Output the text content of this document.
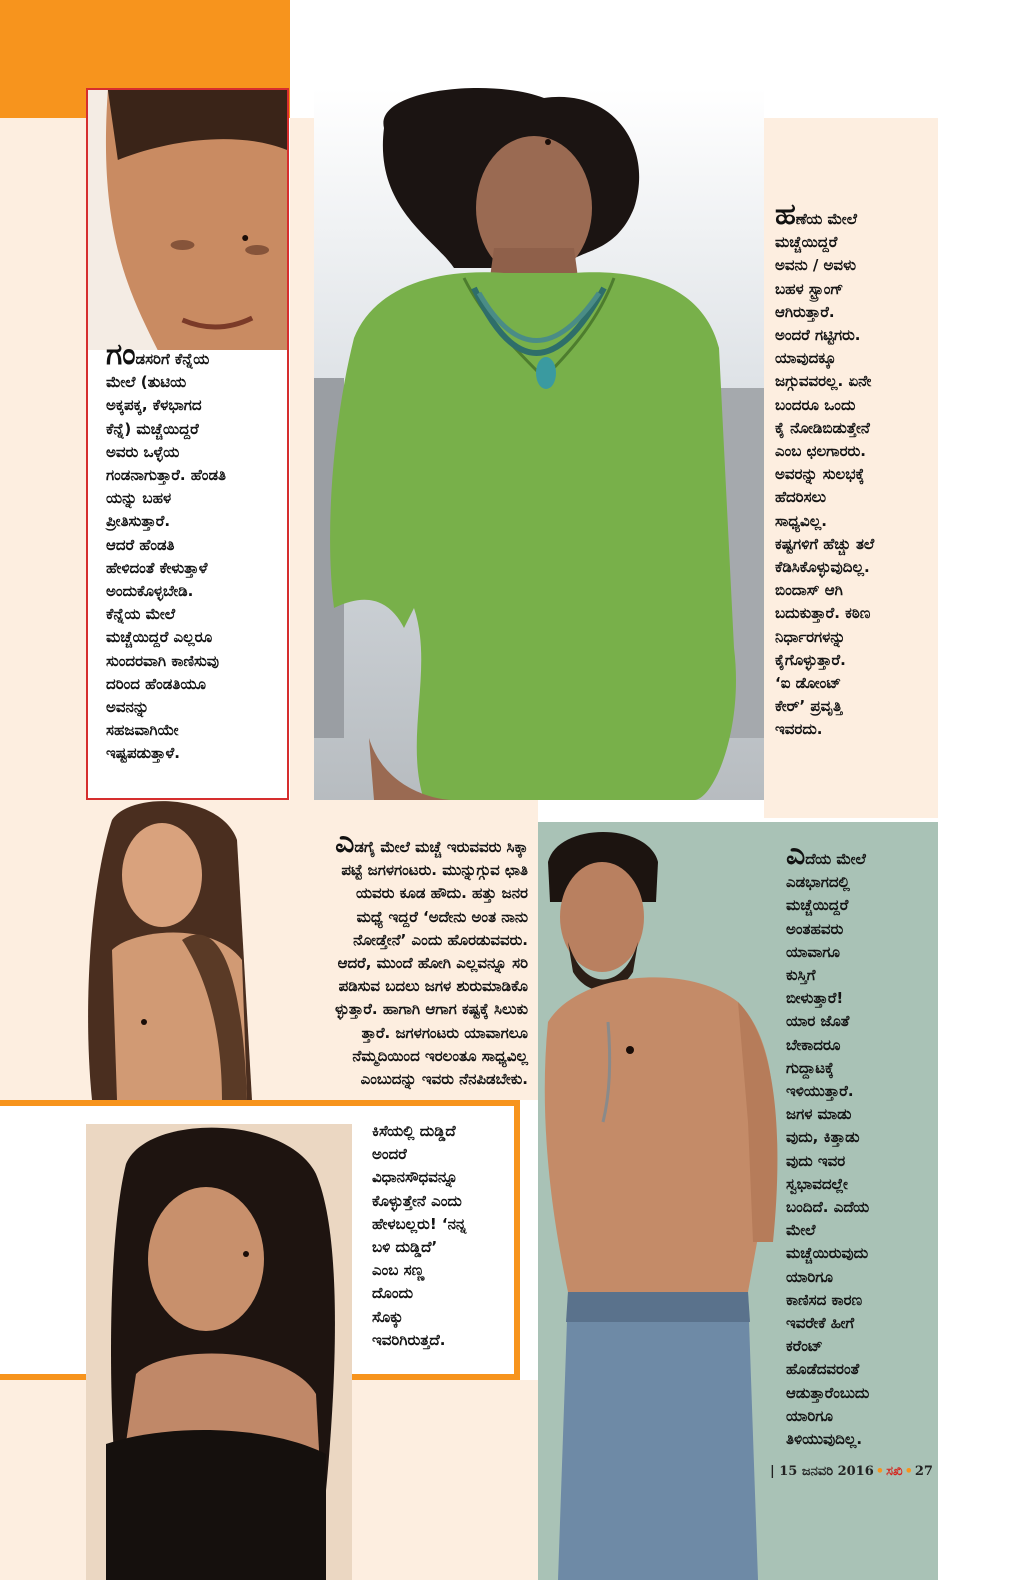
ಗಂಡಸರಿಗೆ ಕೆನ್ನೆಯ
ಮೇಲೆ (ತುಟಿಯ
ಅಕ್ಕಪಕ್ಕ, ಕೆಳಭಾಗದ
ಕೆನ್ನೆ) ಮಚ್ಚೆಯಿದ್ದರೆ
ಅವರು ಒಳ್ಳೆಯ
ಗಂಡನಾಗುತ್ತಾರೆ. ಹೆಂಡತಿ
ಯನ್ನು ಬಹಳ
ಪ್ರೀತಿಸುತ್ತಾರೆ.
ಆದರೆ ಹೆಂಡತಿ
ಹೇಳಿದಂತೆ ಕೇಳುತ್ತಾಳೆ
ಅಂದುಕೊಳ್ಳಬೇಡಿ.
ಕೆನ್ನೆಯ ಮೇಲೆ
ಮಚ್ಚೆಯಿದ್ದರೆ ಎಲ್ಲರೂ
ಸುಂದರವಾಗಿ ಕಾಣಿಸುವು
ದರಿಂದ ಹೆಂಡತಿಯೂ
ಅವನನ್ನು
ಸಹಜವಾಗಿಯೇ
ಇಷ್ಟಪಡುತ್ತಾಳೆ.
ಹಣೆಯ ಮೇಲೆ
ಮಚ್ಚೆಯಿದ್ದರೆ
ಅವನು / ಅವಳು
ಬಹಳ ಸ್ಟ್ರಾಂಗ್
ಆಗಿರುತ್ತಾರೆ.
ಅಂದರೆ ಗಟ್ಟಿಗರು.
ಯಾವುದಕ್ಕೂ
ಜಗ್ಗುವವರಲ್ಲ. ಏನೇ
ಬಂದರೂ ಒಂದು
ಕೈ ನೋಡಿಬಿಡುತ್ತೇನೆ
ಎಂಬ ಛಲಗಾರರು.
ಅವರನ್ನು ಸುಲಭಕ್ಕೆ
ಹೆದರಿಸಲು
ಸಾಧ್ಯವಿಲ್ಲ.
ಕಷ್ಟಗಳಿಗೆ ಹೆಚ್ಚು ತಲೆ
ಕೆಡಿಸಿಕೊಳ್ಳುವುದಿಲ್ಲ.
ಬಿಂದಾಸ್ ಆಗಿ
ಬದುಕುತ್ತಾರೆ. ಕಠಿಣ
ನಿರ್ಧಾರಗಳನ್ನು
ಕೈಗೊಳ್ಳುತ್ತಾರೆ.
‘ಐ ಡೋಂಟ್
ಕೇರ್’ ಪ್ರವೃತ್ತಿ
ಇವರದು.
ಎಡಗೈ ಮೇಲೆ ಮಚ್ಚೆ ಇರುವವರು ಸಿಕ್ಕಾ
ಪಟ್ಟೆ ಜಗಳಗಂಟರು. ಮುನ್ನುಗ್ಗುವ ಛಾತಿ
ಯವರು ಕೂಡ ಹೌದು. ಹತ್ತು ಜನರ
ಮಧ್ಯೆ ಇದ್ದರೆ ‘ಅದೇನು ಅಂತ ನಾನು
ನೋಡ್ತೇನೆ’ ಎಂದು ಹೊರಡುವವರು.
ಆದರೆ, ಮುಂದೆ ಹೋಗಿ ಎಲ್ಲವನ್ನೂ ಸರಿ
ಪಡಿಸುವ ಬದಲು ಜಗಳ ಶುರುಮಾಡಿಕೊ
ಳ್ಳುತ್ತಾರೆ. ಹಾಗಾಗಿ ಆಗಾಗ ಕಷ್ಟಕ್ಕೆ ಸಿಲುಕು
ತ್ತಾರೆ. ಜಗಳಗಂಟರು ಯಾವಾಗಲೂ
ನೆಮ್ಮದಿಯಿಂದ ಇರಲಂತೂ ಸಾಧ್ಯವಿಲ್ಲ
ಎಂಬುದನ್ನು ಇವರು ನೆನಪಿಡಬೇಕು.
ಎದೆಯ ಮೇಲೆ
ಎಡಭಾಗದಲ್ಲಿ
ಮಚ್ಚೆಯಿದ್ದರೆ
ಅಂತಹವರು
ಯಾವಾಗೂ
ಕುಸ್ತಿಗೆ
ಬೀಳುತ್ತಾರೆ!
ಯಾರ ಜೊತೆ
ಬೇಕಾದರೂ
ಗುದ್ದಾಟಕ್ಕೆ
ಇಳಿಯುತ್ತಾರೆ.
ಜಗಳ ಮಾಡು
ವುದು, ಕಿತ್ತಾಡು
ವುದು ಇವರ
ಸ್ವಭಾವದಲ್ಲೇ
ಬಂದಿದೆ. ಎದೆಯ
ಮೇಲೆ
ಮಚ್ಚೆಯಿರುವುದು
ಯಾರಿಗೂ
ಕಾಣಿಸದ ಕಾರಣ
ಇವರೇಕೆ ಹೀಗೆ
ಕರೆಂಟ್
ಹೊಡೆದವರಂತೆ
ಆಡುತ್ತಾರೆಂಬುದು
ಯಾರಿಗೂ
ತಿಳಿಯುವುದಿಲ್ಲ.
ಕಿಸೆಯಲ್ಲಿ ದುಡ್ಡಿದೆ
ಅಂದರೆ
ವಿಧಾನಸೌಧವನ್ನೂ
ಕೊಳ್ಳುತ್ತೇನೆ ಎಂದು
ಹೇಳಬಲ್ಲರು! ‘ನನ್ನ
ಬಳಿ ದುಡ್ಡಿದೆ’
ಎಂಬ ಸಣ್ಣ
ದೊಂದು
ಸೊಕ್ಕು
ಇವರಿಗಿರುತ್ತದೆ.
| 15 ಜನವರಿ 2016 • ಸಖಿ • 27
